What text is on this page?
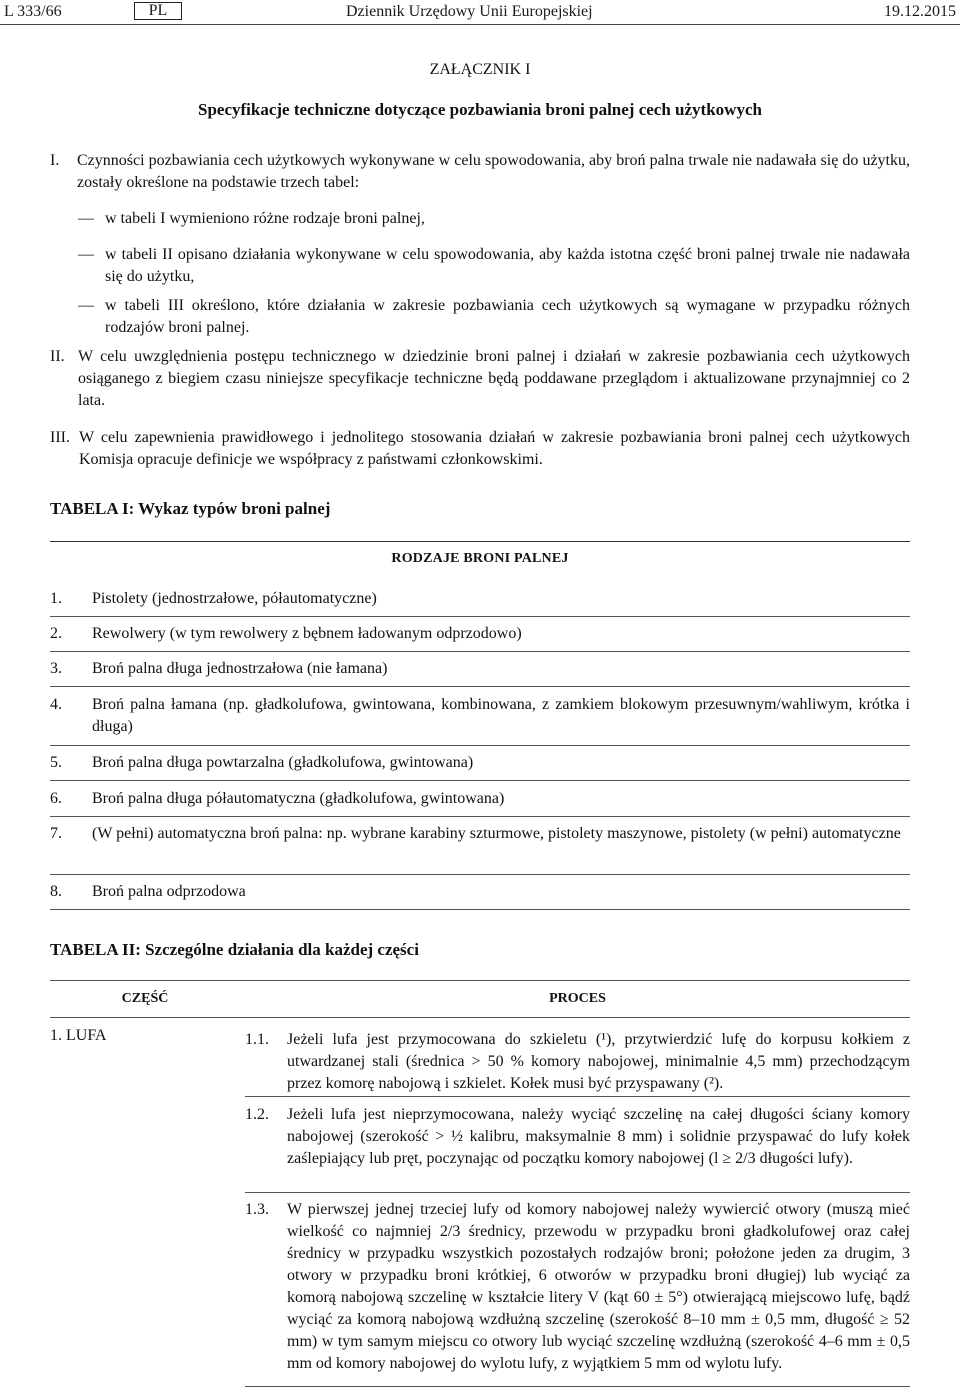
L 333/66	PL	Dziennik Urzędowy Unii Europejskiej	19.12.2015
ZAŁĄCZNIK I
Specyfikacje techniczne dotyczące pozbawiania broni palnej cech użytkowych
I.	Czynności pozbawiania cech użytkowych wykonywane w celu spowodowania, aby broń palna trwale nie nadawała się do użytku, zostały określone na podstawie trzech tabel:
— w tabeli I wymieniono różne rodzaje broni palnej,
— w tabeli II opisano działania wykonywane w celu spowodowania, aby każda istotna część broni palnej trwale nie nadawała się do użytku,
— w tabeli III określono, które działania w zakresie pozbawiania cech użytkowych są wymagane w przypadku różnych rodzajów broni palnej.
II. W celu uwzględnienia postępu technicznego w dziedzinie broni palnej i działań w zakresie pozbawiania cech użytkowych osiąganego z biegiem czasu niniejsze specyfikacje techniczne będą poddawane przeglądom i aktualizowane przynajmniej co 2 lata.
III. W celu zapewnienia prawidłowego i jednolitego stosowania działań w zakresie pozbawiania broni palnej cech użytkowych Komisja opracuje definicje we współpracy z państwami członkowskimi.
TABELA I: Wykaz typów broni palnej
RODZAJE BRONI PALNEJ
1.	Pistolety (jednostrzałowe, półautomatyczne)
2.	Rewolwery (w tym rewolwery z bębnem ładowanym odprzodowo)
3.	Broń palna długa jednostrzałowa (nie łamana)
4.	Broń palna łamana (np. gładkolufowa, gwintowana, kombinowana, z zamkiem blokowym przesuwnym/wahliwym, krótka i długa)
5.	Broń palna długa powtarzalna (gładkolufowa, gwintowana)
6.	Broń palna długa półautomatyczna (gładkolufowa, gwintowana)
7.	(W pełni) automatyczna broń palna: np. wybrane karabiny szturmowe, pistolety maszynowe, pistolety (w pełni) automatyczne
8.	Broń palna odprzodowa
TABELA II: Szczególne działania dla każdej części
CZĘŚĆ	PROCES
1. LUFA	1.1.	Jeżeli lufa jest przymocowana do szkieletu (¹), przytwierdzić lufę do korpusu kołkiem z utwardzanej stali (średnica > 50 % komory nabojowej, minimalnie 4,5 mm) przechodzącym przez komorę nabojową i szkielet. Kołek musi być przyspawany (²).
1.2.	Jeżeli lufa jest nieprzymocowana, należy wyciąć szczelinę na całej długości ściany komory nabojowej (szerokość > ½ kalibru, maksymalnie 8 mm) i solidnie przyspawać do lufy kołek zaślepiający lub pręt, poczynając od początku komory nabojowej (l ≥ 2/3 długości lufy).
1.3.	W pierwszej jednej trzeciej lufy od komory nabojowej należy wywiercić otwory (muszą mieć wielkość co najmniej 2/3 średnicy, przewodu w przypadku broni gładkolufowej oraz całej średnicy w przypadku wszystkich pozostałych rodzajów broni; położone jeden za drugim, 3 otwory w przypadku broni krótkiej, 6 otworów w przypadku broni długiej) lub wyciąć za komorą nabojową szczelinę w kształcie litery V (kąt 60 ± 5°) otwierającą miejscowo lufę, bądź wyciąć za komorą nabojową wzdłużną szczelinę (szerokość 8–10 mm ± 0,5 mm, długość ≥ 52 mm) w tym samym miejscu co otwory lub wyciąć szczelinę wzdłużną (szerokość 4–6 mm ± 0,5 mm od komory nabojowej do wylotu lufy, z wyjątkiem 5 mm od wylotu lufy.
